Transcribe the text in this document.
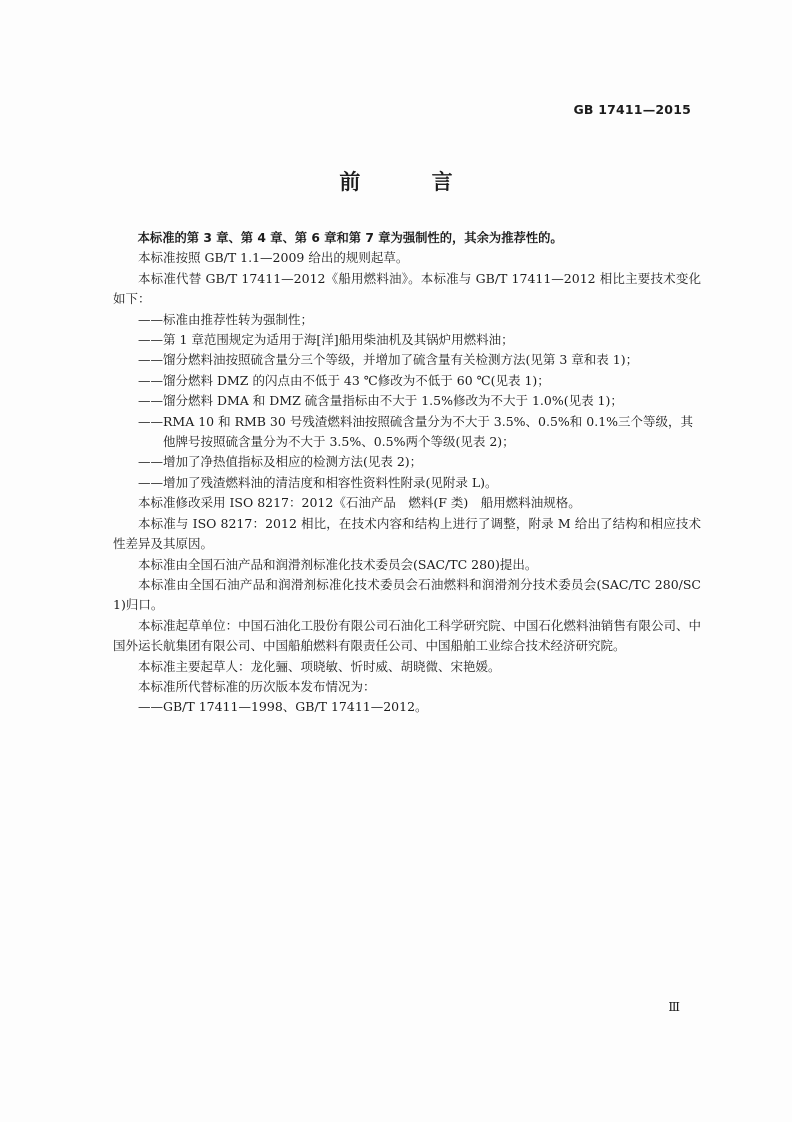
GB 17411—2015
前 言

本标准的第 3 章、第 4 章、第 6 章和第 7 章为强制性的，其余为推荐性的。

本标准按照 GB/T 1.1—2009 给出的规则起草。

本标准代替 GB/T 17411—2012《船用燃料油》。本标准与 GB/T 17411—2012 相比主要技术变化如下：

——标准由推荐性转为强制性；

——第 1 章范围规定为适用于海[洋]船用柴油机及其锅炉用燃料油；

——馏分燃料油按照硫含量分三个等级，并增加了硫含量有关检测方法(见第 3 章和表 1)；

——馏分燃料 DMZ 的闪点由不低于 43 ℃修改为不低于 60 ℃(见表 1)；

——馏分燃料 DMA 和 DMZ 硫含量指标由不大于 1.5%修改为不大于 1.0%(见表 1)；

——RMA 10 和 RMB 30 号残渣燃料油按照硫含量分为不大于 3.5%、0.5%和 0.1%三个等级，其
他牌号按照硫含量分为不大于 3.5%、0.5%两个等级(见表 2)；

——增加了净热值指标及相应的检测方法(见表 2)；

——增加了残渣燃料油的清洁度和相容性资料性附录(见附录 L)。

本标准修改采用 ISO 8217：2012《石油产品　燃料(F 类)　船用燃料油规格。

本标准与 ISO 8217：2012 相比，在技术内容和结构上进行了调整，附录 M 给出了结构和相应技术性差异及其原因。

本标准由全国石油产品和润滑剂标准化技术委员会(SAC/TC 280)提出。

本标准由全国石油产品和润滑剂标准化技术委员会石油燃料和润滑剂分技术委员会(SAC/TC 280/SC 1)归口。

本标准起草单位：中国石油化工股份有限公司石油化工科学研究院、中国石化燃料油销售有限公司、中国外运长航集团有限公司、中国船舶燃料有限责任公司、中国船舶工业综合技术经济研究院。

本标准主要起草人：龙化骊、项晓敏、忻时威、胡晓微、宋艳媛。

本标准所代替标准的历次版本发布情况为：

——GB/T 17411—1998、GB/T 17411—2012。

Ⅲ
